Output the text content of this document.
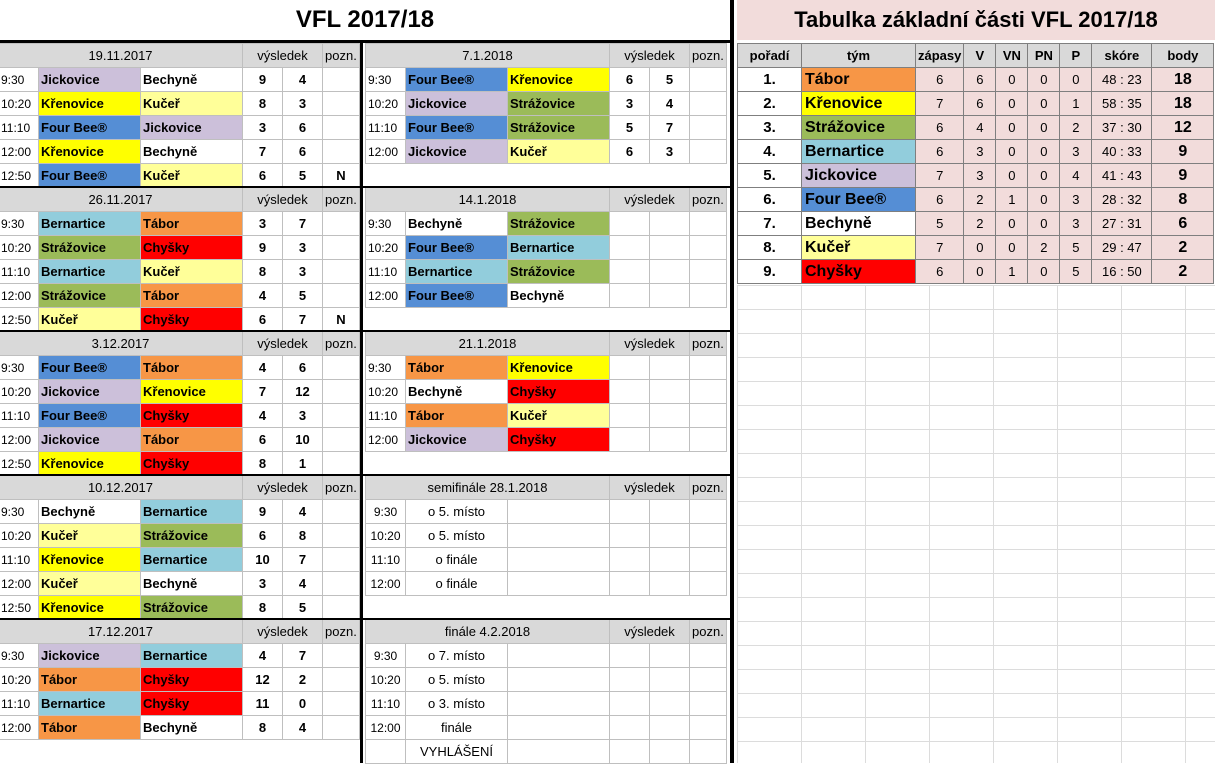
VFL 2017/18	Tabulka základní části VFL 2017/18
19.11.2017			výsledek		pozn.
9:30	Jickovice	Bechyně	9	4	
10:20	Křenovice	Kučeř	8	3	
11:10	Four Bee®	Jickovice	3	6	
12:00	Křenovice	Bechyně	7	6	
12:50	Four Bee®	Kučeř	6	5	N
26.11.2017			výsledek		pozn.
9:30	Bernartice	Tábor	3	7	
10:20	Strážovice	Chyšky	9	3	
11:10	Bernartice	Kučeř	8	3	
12:00	Strážovice	Tábor	4	5	
12:50	Kučeř	Chyšky	6	7	N
3.12.2017			výsledek		pozn.
9:30	Four Bee®	Tábor	4	6	
10:20	Jickovice	Křenovice	7	12	
11:10	Four Bee®	Chyšky	4	3	
12:00	Jickovice	Tábor	6	10	
12:50	Křenovice	Chyšky	8	1	
10.12.2017			výsledek		pozn.
9:30	Bechyně	Bernartice	9	4	
10:20	Kučeř	Strážovice	6	8	
11:10	Křenovice	Bernartice	10	7	
12:00	Kučeř	Bechyně	3	4	
12:50	Křenovice	Strážovice	8	5	
17.12.2017			výsledek		pozn.
9:30	Jickovice	Bernartice	4	7	
10:20	Tábor	Chyšky	12	2	
11:10	Bernartice	Chyšky	11	0	
12:00	Tábor	Bechyně	8	4	
7.1.2018			výsledek		pozn.
9:30	Four Bee®	Křenovice	6	5	
10:20	Jickovice	Strážovice	3	4	
11:10	Four Bee®	Strážovice	5	7	
12:00	Jickovice	Kučeř	6	3	
14.1.2018			výsledek		pozn.
9:30	Bechyně	Strážovice			
10:20	Four Bee®	Bernartice			
11:10	Bernartice	Strážovice			
12:00	Four Bee®	Bechyně			
21.1.2018			výsledek		pozn.
9:30	Tábor	Křenovice			
10:20	Bechyně	Chyšky			
11:10	Tábor	Kučeř			
12:00	Jickovice	Chyšky			
semifinále 28.1.2018			výsledek		pozn.
9:30	o 5. místo				
10:20	o 5. místo				
11:10	o finále				
12:00	o finále				
finále 4.2.2018			výsledek		pozn.
9:30	o 7. místo				
10:20	o 5. místo				
11:10	o 3. místo				
12:00	finále				
	VYHLÁŠENÍ				
pořadí	tým	zápasy	V	VN	PN	P	skóre	body
1.	Tábor	6	6	0	0	0	48 : 23	18
2.	Křenovice	7	6	0	0	1	58 : 35	18
3.	Strážovice	6	4	0	0	2	37 : 30	12
4.	Bernartice	6	3	0	0	3	40 : 33	9
5.	Jickovice	7	3	0	0	4	41 : 43	9
6.	Four Bee®	6	2	1	0	3	28 : 32	8
7.	Bechyně	5	2	0	0	3	27 : 31	6
8.	Kučeř	7	0	0	2	5	29 : 47	2
9.	Chyšky	6	0	1	0	5	16 : 50	2
